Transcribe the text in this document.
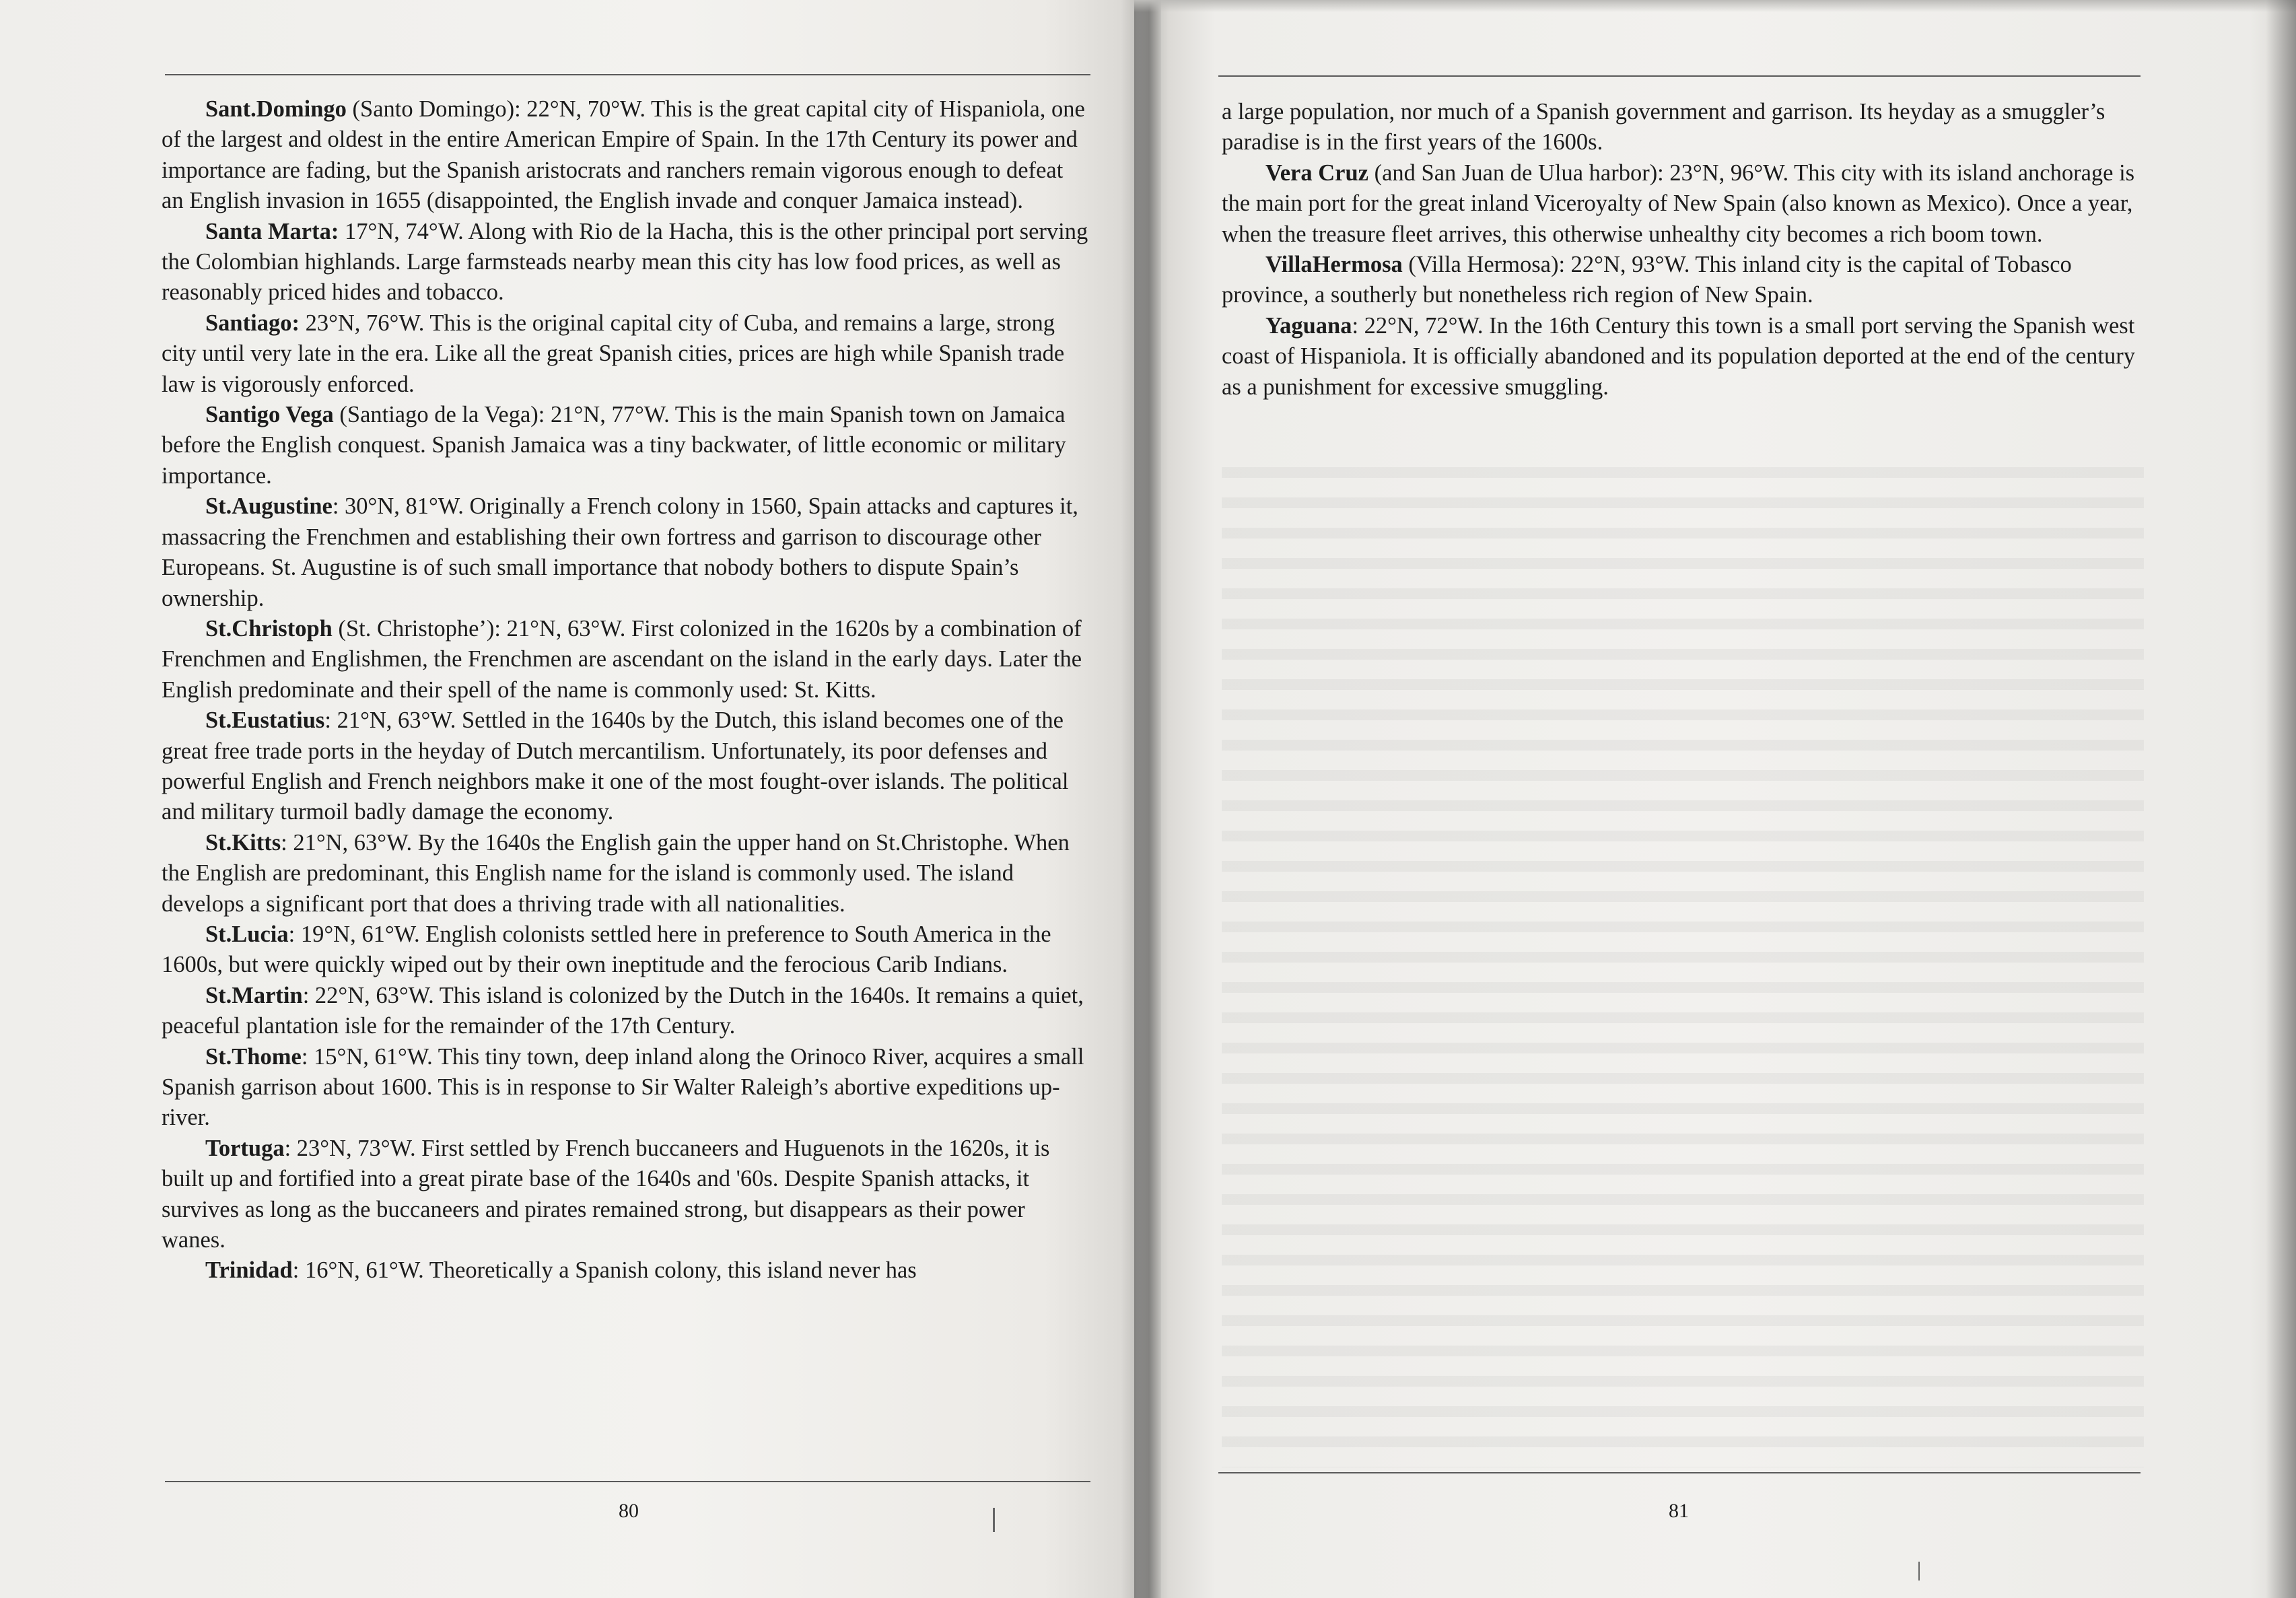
Sant.Domingo (Santo Domingo): 22°N, 70°W. This is the great capital city of Hispaniola, one of the largest and oldest in the entire American Empire of Spain. In the 17th Century its power and importance are fading, but the Spanish aristocrats and ranchers remain vigorous enough to defeat an English invasion in 1655 (disappointed, the English invade and conquer Jamaica instead).

Santa Marta: 17°N, 74°W. Along with Rio de la Hacha, this is the other principal port serving the Colombian highlands. Large farmsteads nearby mean this city has low food prices, as well as reasonably priced hides and tobacco.

Santiago: 23°N, 76°W. This is the original capital city of Cuba, and remains a large, strong city until very late in the era. Like all the great Spanish cities, prices are high while Spanish trade law is vigorously enforced.

Santigo Vega (Santiago de la Vega): 21°N, 77°W. This is the main Spanish town on Jamaica before the English conquest. Spanish Jamaica was a tiny backwater, of little economic or military importance.

St.Augustine: 30°N, 81°W. Originally a French colony in 1560, Spain attacks and captures it, massacring the Frenchmen and establishing their own fortress and garrison to discourage other Europeans. St. Augustine is of such small importance that nobody bothers to dispute Spain’s ownership.

St.Christoph (St. Christophe’): 21°N, 63°W. First colonized in the 1620s by a combination of Frenchmen and Englishmen, the Frenchmen are ascendant on the island in the early days. Later the English predominate and their spell of the name is commonly used: St. Kitts.

St.Eustatius: 21°N, 63°W. Settled in the 1640s by the Dutch, this island becomes one of the great free trade ports in the heyday of Dutch mercantilism. Unfortunately, its poor defenses and powerful English and French neighbors make it one of the most fought-over islands. The political and military turmoil badly damage the economy.

St.Kitts: 21°N, 63°W. By the 1640s the English gain the upper hand on St.Christophe. When the English are predominant, this English name for the island is commonly used. The island develops a significant port that does a thriving trade with all nationalities.

St.Lucia: 19°N, 61°W. English colonists settled here in preference to South America in the 1600s, but were quickly wiped out by their own ineptitude and the ferocious Carib Indians.

St.Martin: 22°N, 63°W. This island is colonized by the Dutch in the 1640s. It remains a quiet, peaceful plantation isle for the remainder of the 17th Century.

St.Thome: 15°N, 61°W. This tiny town, deep inland along the Orinoco River, acquires a small Spanish garrison about 1600. This is in response to Sir Walter Raleigh’s abortive expeditions up-river.

Tortuga: 23°N, 73°W. First settled by French buccaneers and Huguenots in the 1620s, it is built up and fortified into a great pirate base of the 1640s and '60s. Despite Spanish attacks, it survives as long as the buccaneers and pirates remained strong, but disappears as their power wanes.

Trinidad: 16°N, 61°W. Theoretically a Spanish colony, this island never has

a large population, nor much of a Spanish government and garrison. Its heyday as a smuggler’s paradise is in the first years of the 1600s.

Vera Cruz (and San Juan de Ulua harbor): 23°N, 96°W. This city with its island anchorage is the main port for the great inland Viceroyalty of New Spain (also known as Mexico). Once a year, when the treasure fleet arrives, this otherwise unhealthy city becomes a rich boom town.

VillaHermosa (Villa Hermosa): 22°N, 93°W. This inland city is the capital of Tobasco province, a southerly but nonetheless rich region of New Spain.

Yaguana: 22°N, 72°W. In the 16th Century this town is a small port serving the Spanish west coast of Hispaniola. It is officially abandoned and its population deported at the end of the century as a punishment for excessive smuggling.

80	81
